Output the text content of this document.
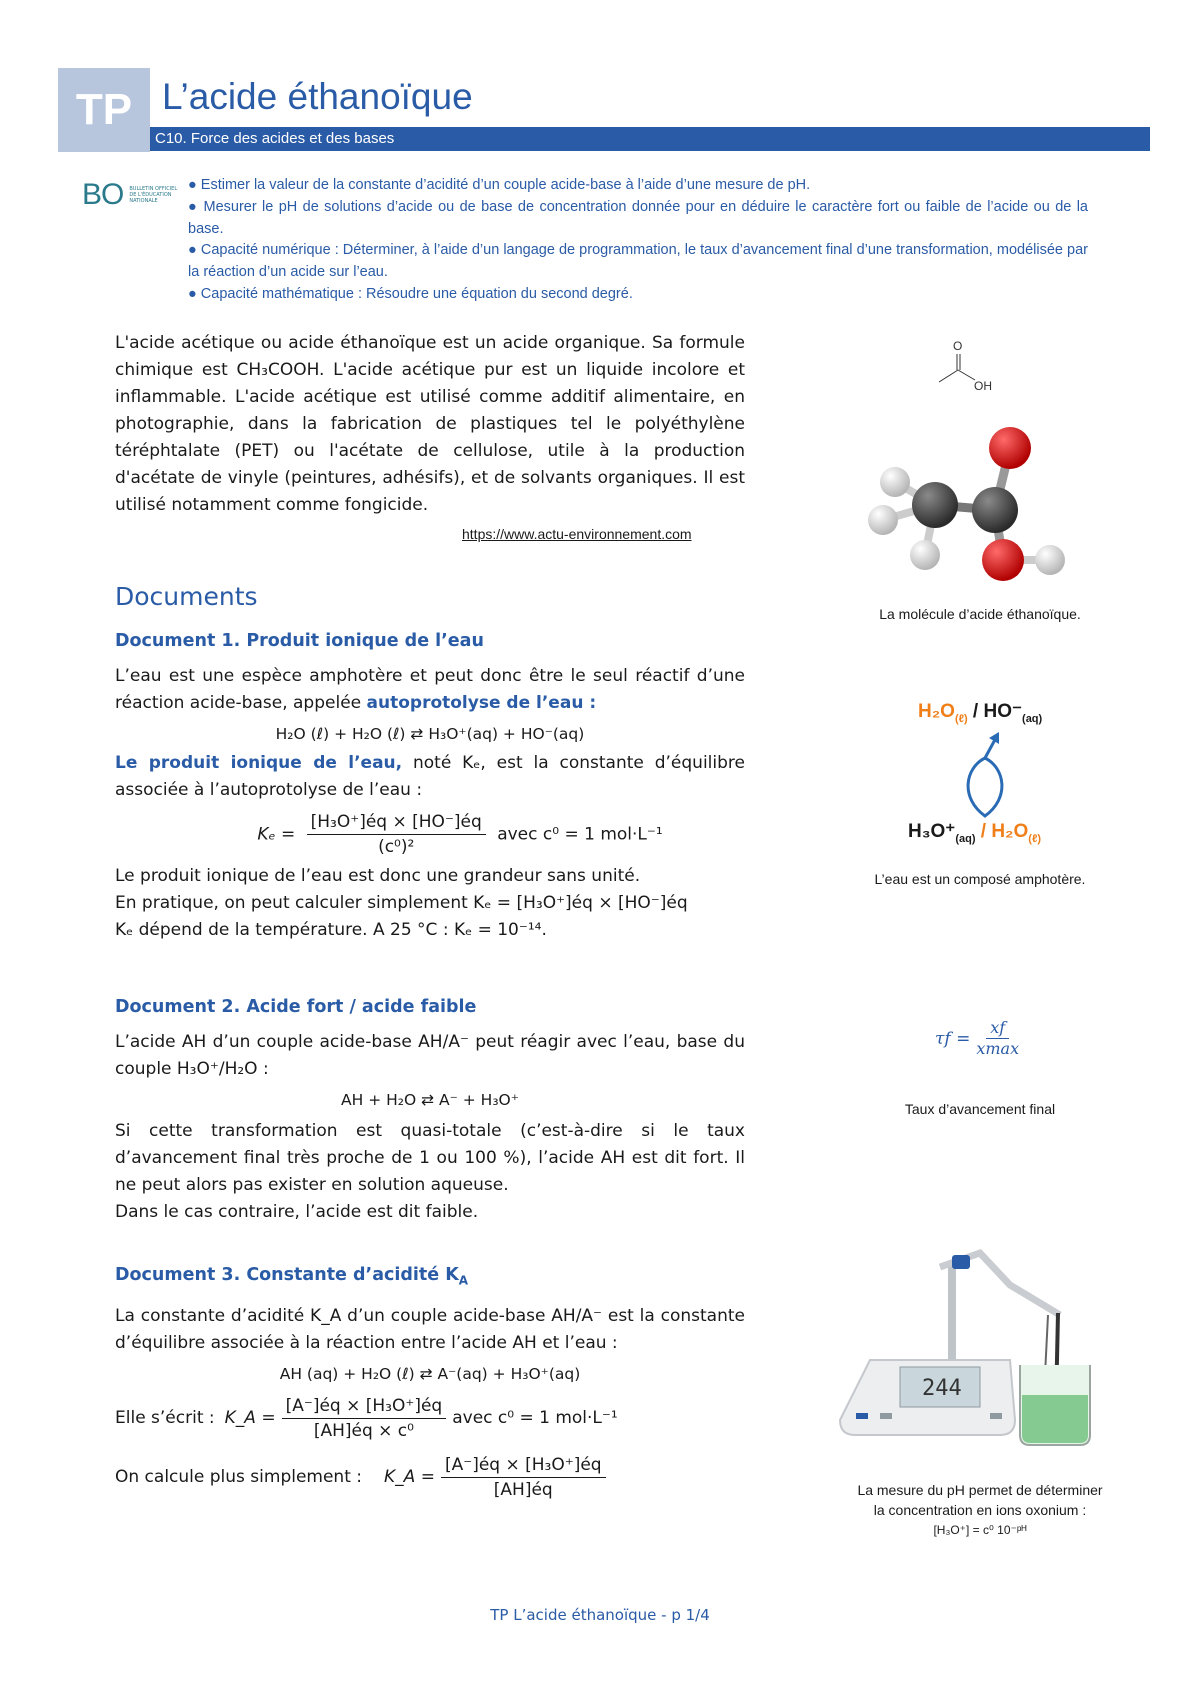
TP L’acide éthanoïque
C10. Force des acides et des bases
BO BULLETIN OFFICIEL DE L'ÉDUCATION NATIONALE

● Estimer la valeur de la constante d’acidité d’un couple acide-base à l’aide d’une mesure de pH.

● Mesurer le pH de solutions d’acide ou de base de concentration donnée pour en déduire le caractère fort ou faible de l’acide ou de la base.

● Capacité numérique : Déterminer, à l’aide d’un langage de programmation, le taux d’avancement final d’une transformation, modélisée par la réaction d’un acide sur l’eau.

● Capacité mathématique : Résoudre une équation du second degré.

L'acide acétique ou acide éthanoïque est un acide organique. Sa formule chimique est CH₃COOH. L'acide acétique pur est un liquide incolore et inflammable. L'acide acétique est utilisé comme additif alimentaire, en photographie, dans la fabrication de plastiques tel le polyéthylène téréphtalate (PET) ou l'acétate de cellulose, utile à la production d'acétate de vinyle (peintures, adhésifs), et de solvants organiques. Il est utilisé notamment comme fongicide.
https://www.actu-environnement.com
Documents
Document 1. Produit ionique de l’eau
L’eau est une espèce amphotère et peut donc être le seul réactif d’une réaction acide-base, appelée autoprotolyse de l’eau :
H₂O (ℓ) + H₂O (ℓ) ⇄ H₃O⁺(aq) + HO⁻(aq)
Le produit ionique de l’eau, noté Kₑ, est la constante d’équilibre associée à l’autoprotolyse de l’eau :
$K_e = \frac{\text{[H₃O⁺]éq × [HO⁻]éq}}{\text{(c⁰)²}}$ avec c⁰ = 1 mol·L⁻¹
Le produit ionique de l’eau est donc une grandeur sans unité.
En pratique, on peut calculer simplement Kₑ = [H₃O⁺]éq × [HO⁻]éq
Kₑ dépend de la température. A 25 °C : Kₑ = 10⁻¹⁴.
Document 2. Acide fort / acide faible
L’acide AH d’un couple acide-base AH/A⁻ peut réagir avec l’eau, base du couple H₃O⁺/H₂O :
AH + H₂O ⇄ A⁻ + H₃O⁺
Si cette transformation est quasi-totale (c’est-à-dire si le taux d’avancement final très proche de 1 ou 100 %), l’acide AH est dit fort. Il ne peut alors pas exister en solution aqueuse.
Dans le cas contraire, l’acide est dit faible.
Document 3. Constante d’acidité $K_A$
La constante d’acidité K_A d’un couple acide-base AH/A⁻ est la constante d’équilibre associée à la réaction entre l’acide AH et l’eau :
AH (aq) + H₂O (ℓ) ⇄ A⁻(aq) + H₃O⁺(aq)
Elle s’écrit : K_A = $\frac{\text{[A⁻]éq × [H₃O⁺]éq}}{\text{[AH]éq × c⁰}}$ avec c⁰ = 1 mol·L⁻¹
On calcule plus simplement : K_A = $\frac{\text{[A⁻]éq × [H₃O⁺]éq}}{[AH]éq}$
O
OH
La molécule d’acide éthanoïque.
$H_2O_{(\ell)} / HO^-_{(aq)}$
$H_3O^+_{(aq)} / H_2O_{(\ell)}$
L’eau est un composé amphotère.
$\tau f = \frac{xf}{xmax}$
Taux d’avancement final
244
La mesure du pH permet de déterminer
la concentration en ions oxonium :
[H₃O⁺] = c⁰ 10⁻ᵖᴴ
TP L’acide éthanoïque - p 1/4
